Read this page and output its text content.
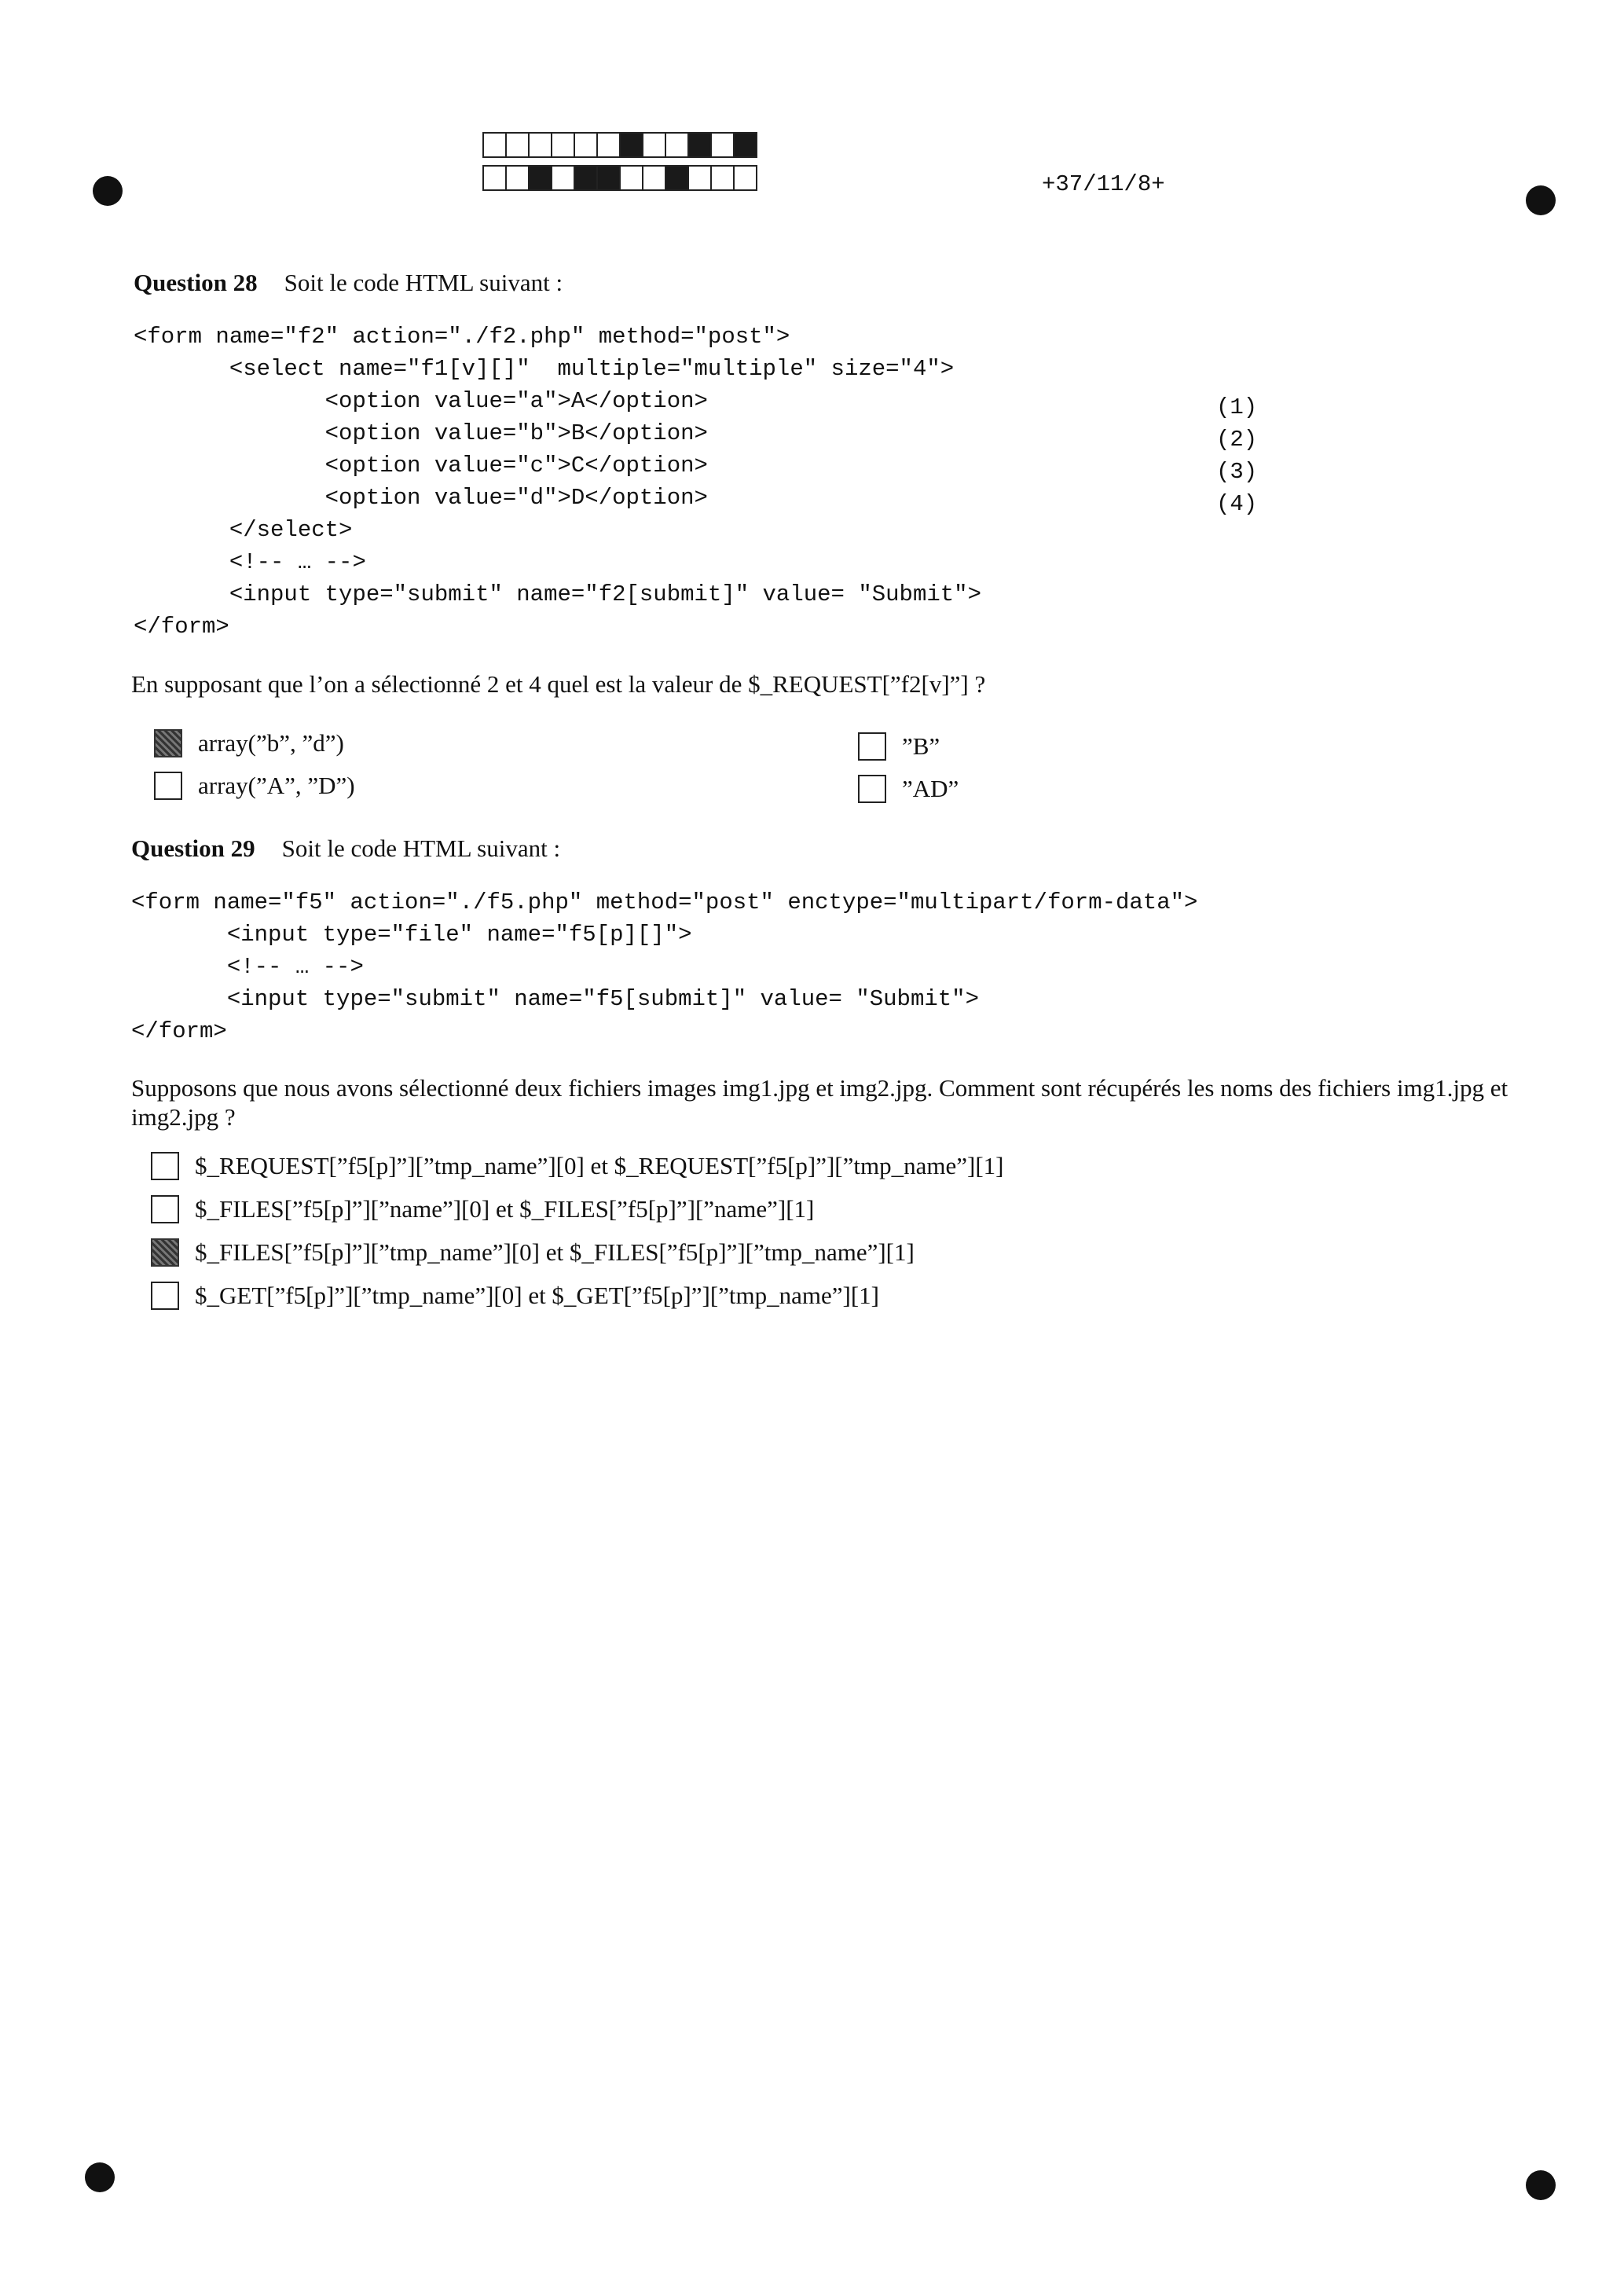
+37/11/8+
Question 28 Soit le code HTML suivant :
<form name="f2" action="./f2.php" method="post">
<select name="f1[v][]"  multiple="multiple" size="4">
<option value="a">A</option>
<option value="b">B</option>
<option value="c">C</option>
<option value="d">D</option>
</select>
<!-- … -->
<input type="submit" name="f2[submit]" value= "Submit">
</form>
(1)
(2)
(3)
(4)
En supposant que l’on a sélectionné 2 et 4 quel est la valeur de $_REQUEST[”f2[v]”] ?
array(”b”, ”d”)
array(”A”, ”D”)
”B”
”AD”
Question 29 Soit le code HTML suivant :
<form name="f5" action="./f5.php" method="post" enctype="multipart/form-data">
<input type="file" name="f5[p][]">
<!-- … -->
<input type="submit" name="f5[submit]" value= "Submit">
</form>
Supposons que nous avons sélectionné deux fichiers images img1.jpg et img2.jpg. Comment sont récupérés les noms des fichiers img1.jpg et img2.jpg ?
$_REQUEST[”f5[p]”][”tmp_name”][0] et $_REQUEST[”f5[p]”][”tmp_name”][1]
$_FILES[”f5[p]”][”name”][0] et $_FILES[”f5[p]”][”name”][1]
$_FILES[”f5[p]”][”tmp_name”][0] et $_FILES[”f5[p]”][”tmp_name”][1]
$_GET[”f5[p]”][”tmp_name”][0] et $_GET[”f5[p]”][”tmp_name”][1]
